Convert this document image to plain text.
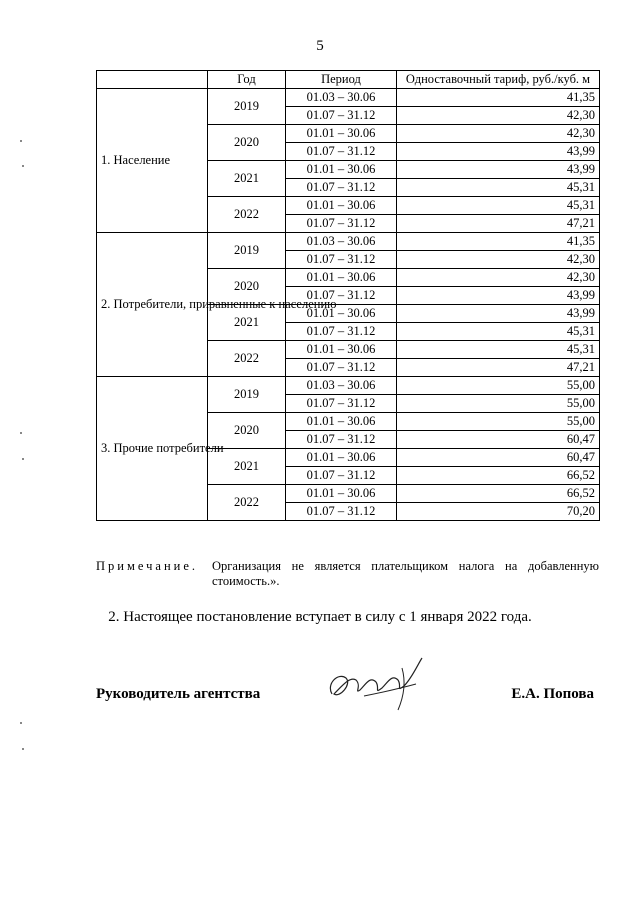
5
	Год	Период	Одноставочный тариф, руб./куб. м
1. Население	2019	01.03 – 30.06	41,35
		01.07 – 31.12	42,30
	2020	01.01 – 30.06	42,30
		01.07 – 31.12	43,99
	2021	01.01 – 30.06	43,99
		01.07 – 31.12	45,31
	2022	01.01 – 30.06	45,31
		01.07 – 31.12	47,21
2. Потребители, приравненные к населению	2019	01.03 – 30.06	41,35
		01.07 – 31.12	42,30
	2020	01.01 – 30.06	42,30
		01.07 – 31.12	43,99
	2021	01.01 – 30.06	43,99
		01.07 – 31.12	45,31
	2022	01.01 – 30.06	45,31
		01.07 – 31.12	47,21
3. Прочие потребители	2019	01.03 – 30.06	55,00
		01.07 – 31.12	55,00
	2020	01.01 – 30.06	55,00
		01.07 – 31.12	60,47
	2021	01.01 – 30.06	60,47
		01.07 – 31.12	66,52
	2022	01.01 – 30.06	66,52
		01.07 – 31.12	70,20
Примечание.	Организация не является плательщиком налога на добавленную стоимость.».
2. Настоящее постановление вступает в силу с 1 января 2022 года.
Руководитель агентства	Е.А. Попова
